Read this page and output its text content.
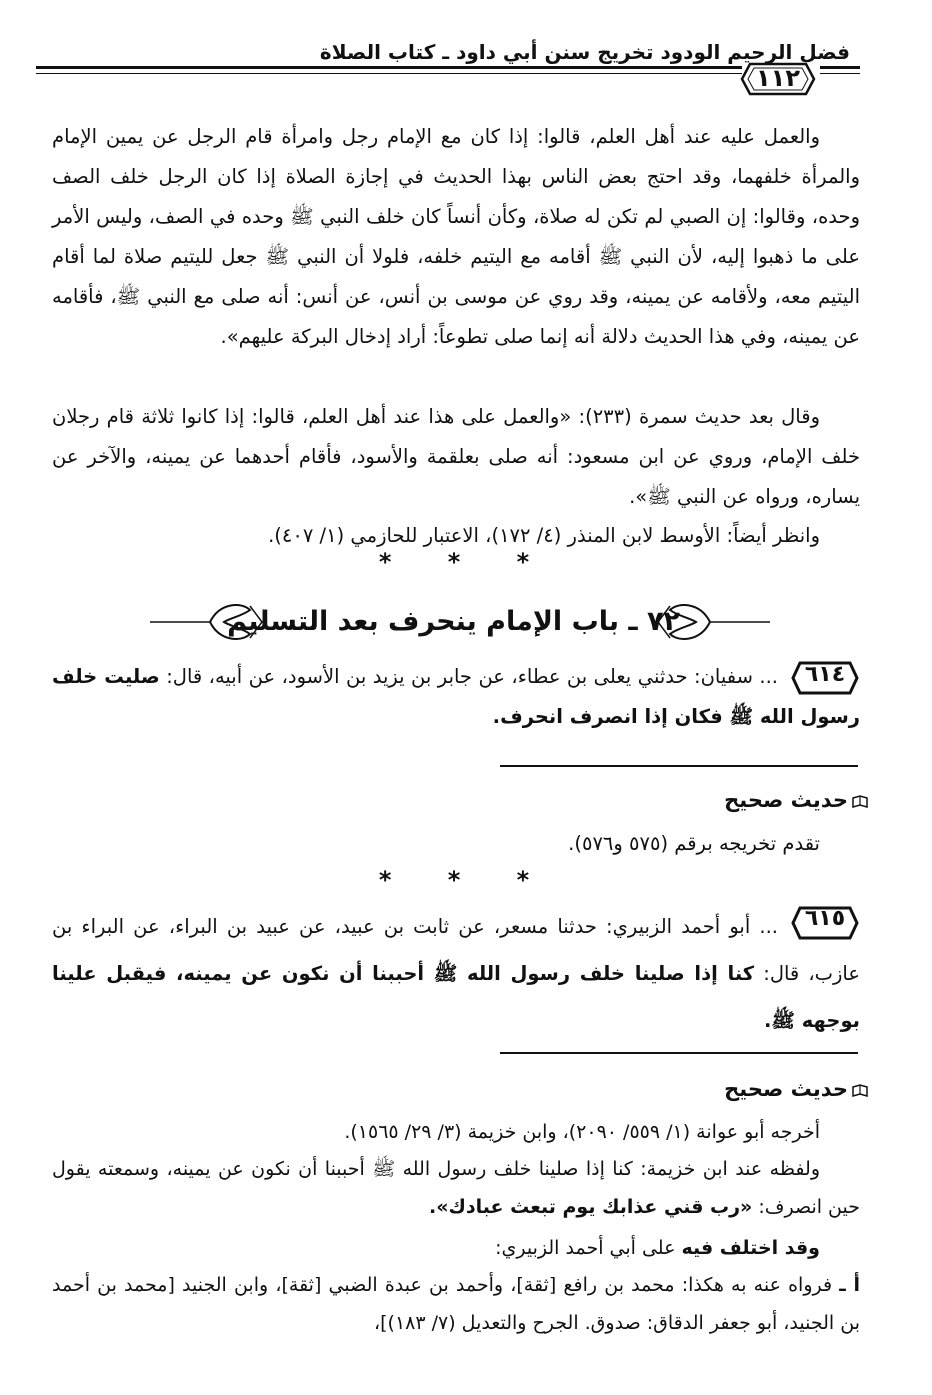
فضل الرحيم الودود تخريج سنن أبي داود ـ كتاب الصلاة
١١٢
والعمل عليه عند أهل العلم، قالوا: إذا كان مع الإمام رجل وامرأة قام الرجل عن يمين الإمام والمرأة خلفهما، وقد احتج بعض الناس بهذا الحديث في إجازة الصلاة إذا كان الرجل خلف الصف وحده، وقالوا: إن الصبي لم تكن له صلاة، وكأن أنساً كان خلف النبي ﷺ وحده في الصف، وليس الأمر على ما ذهبوا إليه، لأن النبي ﷺ أقامه مع اليتيم خلفه، فلولا أن النبي ﷺ جعل لليتيم صلاة لما أقام اليتيم معه، ولأقامه عن يمينه، وقد روي عن موسى بن أنس، عن أنس: أنه صلى مع النبي ﷺ، فأقامه عن يمينه، وفي هذا الحديث دلالة أنه إنما صلى تطوعاً: أراد إدخال البركة عليهم».
وقال بعد حديث سمرة (٢٣٣): «والعمل على هذا عند أهل العلم، قالوا: إذا كانوا ثلاثة قام رجلان خلف الإمام، وروي عن ابن مسعود: أنه صلى بعلقمة والأسود، فأقام أحدهما عن يمينه، والآخر عن يساره، ورواه عن النبي ﷺ».
وانظر أيضاً: الأوسط لابن المنذر (٤/ ١٧٢)، الاعتبار للحازمي (١/ ٤٠٧).
* * *
٧٢ ـ باب الإمام ينحرف بعد التسليم
٦١٤
... سفيان: حدثني يعلى بن عطاء، عن جابر بن يزيد بن الأسود، عن أبيه، قال: صليت خلف رسول الله ﷺ فكان إذا انصرف انحرف.
حديث صحيح
تقدم تخريجه برقم (٥٧٥ و٥٧٦).
* * *
٦١٥
... أبو أحمد الزبيري: حدثنا مسعر، عن ثابت بن عبيد، عن عبيد بن البراء، عن البراء بن عازب، قال: كنا إذا صلينا خلف رسول الله ﷺ أحببنا أن نكون عن يمينه، فيقبل علينا بوجهه ﷺ.
حديث صحيح
أخرجه أبو عوانة (١/ ٥٥٩/ ٢٠٩٠)، وابن خزيمة (٣/ ٢٩/ ١٥٦٥).
ولفظه عند ابن خزيمة: كنا إذا صلينا خلف رسول الله ﷺ أحببنا أن نكون عن يمينه، وسمعته يقول حين انصرف: «رب قني عذابك يوم تبعث عبادك».
وقد اختلف فيه على أبي أحمد الزبيري:
أ ـ فرواه عنه به هكذا: محمد بن رافع [ثقة]، وأحمد بن عبدة الضبي [ثقة]، وابن الجنيد [محمد بن أحمد بن الجنيد، أبو جعفر الدقاق: صدوق. الجرح والتعديل (٧/ ١٨٣)]،
